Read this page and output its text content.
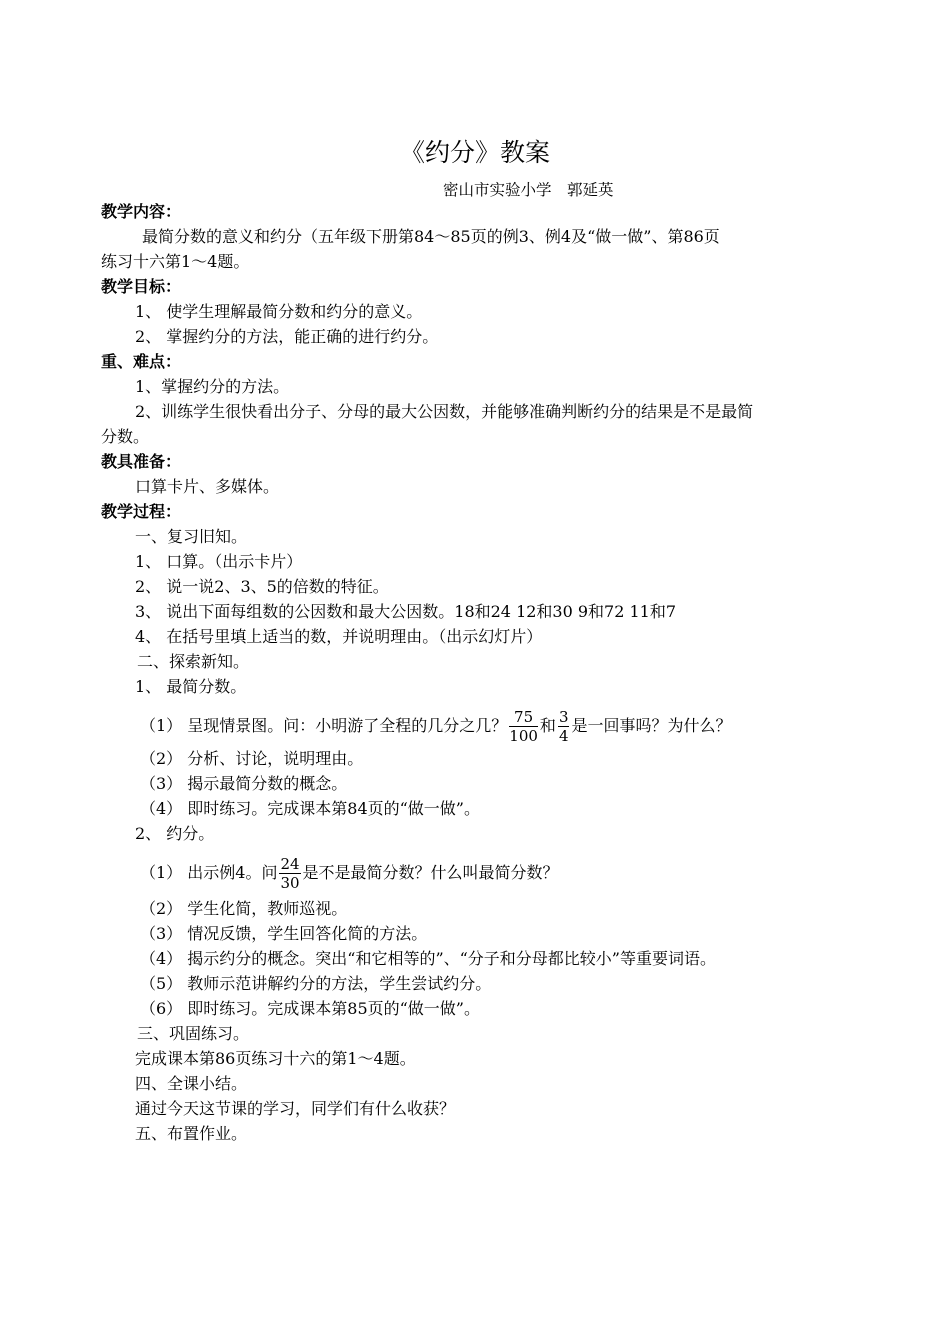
《约分》教案
密山市实验小学　郭延英
教学内容：
最简分数的意义和约分（五年级下册第84～85页的例3、例4及“做一做”、第86页
练习十六第1～4题。
教学目标：
1、 使学生理解最简分数和约分的意义。
2、 掌握约分的方法，能正确的进行约分。
重、难点：
1、掌握约分的方法。
2、训练学生很快看出分子、分母的最大公因数，并能够准确判断约分的结果是不是最简
分数。
教具准备：
口算卡片、多媒体。
教学过程：
一、复习旧知。
1、 口算。（出示卡片）
2、 说一说2、3、5的倍数的特征。
3、 说出下面每组数的公因数和最大公因数。18和24 12和30 9和72 11和7
4、 在括号里填上适当的数，并说明理由。（出示幻灯片）
二、探索新知。
1、 最简分数。
（1） 呈现情景图。问：小明游了全程的几分之几？ $\frac{75}{100}$ 和 $\frac{3}{4}$ 是一回事吗？为什么？
（2） 分析、讨论，说明理由。
（3） 揭示最简分数的概念。
（4） 即时练习。完成课本第84页的“做一做”。
2、 约分。
（1） 出示例4。问 $\frac{24}{30}$ 是不是最简分数？什么叫最简分数？
（2） 学生化简，教师巡视。
（3） 情况反馈，学生回答化简的方法。
（4） 揭示约分的概念。突出“和它相等的”、“分子和分母都比较小”等重要词语。
（5） 教师示范讲解约分的方法，学生尝试约分。
（6） 即时练习。完成课本第85页的“做一做”。
三、巩固练习。
完成课本第86页练习十六的第1～4题。
四、全课小结。
通过今天这节课的学习，同学们有什么收获？
五、布置作业。
